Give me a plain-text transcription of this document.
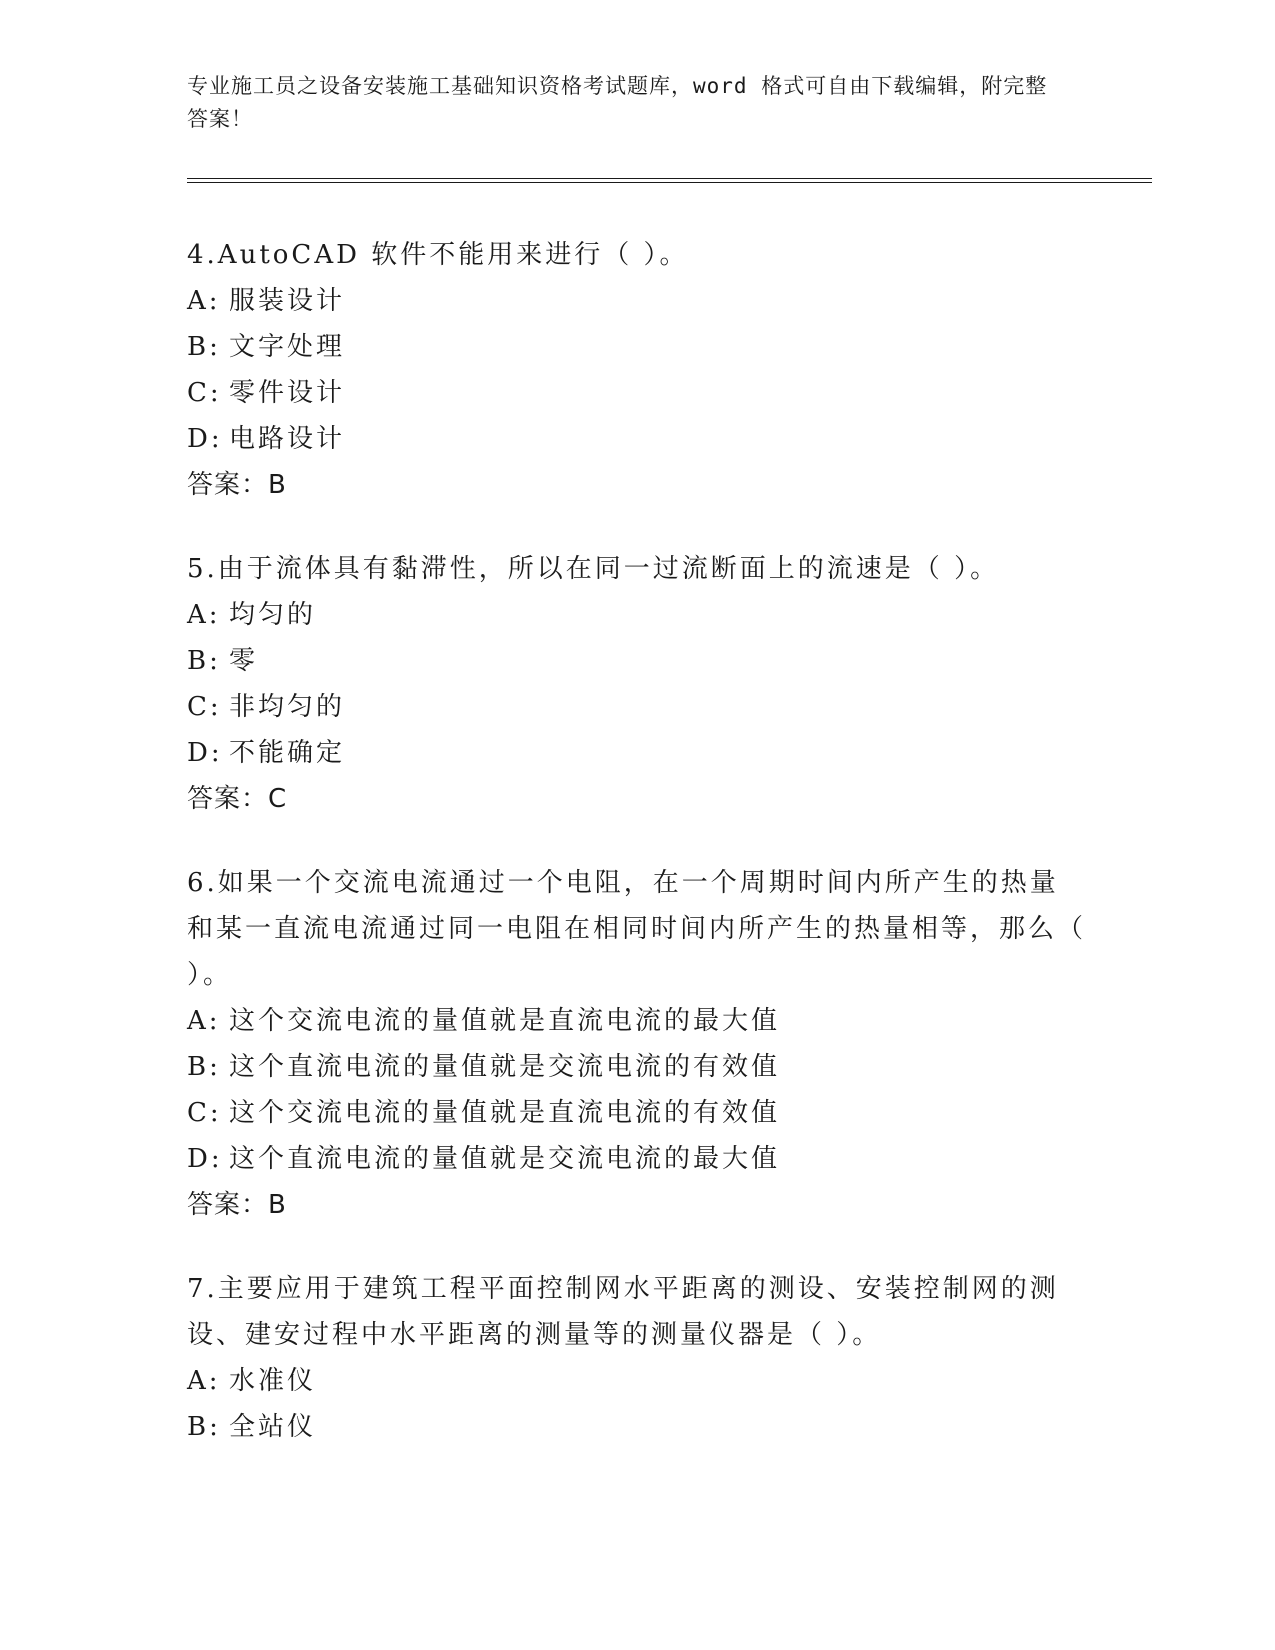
专业施工员之设备安装施工基础知识资格考试题库，word 格式可自由下载编辑，附完整答案！
4.AutoCAD 软件不能用来进行（ ）。
A: 服装设计
B: 文字处理
C: 零件设计
D: 电路设计
答案：B
5.由于流体具有黏滞性，所以在同一过流断面上的流速是（ ）。
A: 均匀的
B: 零
C: 非均匀的
D: 不能确定
答案：C
6.如果一个交流电流通过一个电阻，在一个周期时间内所产生的热量和某一直流电流通过同一电阻在相同时间内所产生的热量相等，那么（ ）。
A: 这个交流电流的量值就是直流电流的最大值
B: 这个直流电流的量值就是交流电流的有效值
C: 这个交流电流的量值就是直流电流的有效值
D: 这个直流电流的量值就是交流电流的最大值
答案：B
7.主要应用于建筑工程平面控制网水平距离的测设、安装控制网的测设、建安过程中水平距离的测量等的测量仪器是（ ）。
A: 水准仪
B: 全站仪
